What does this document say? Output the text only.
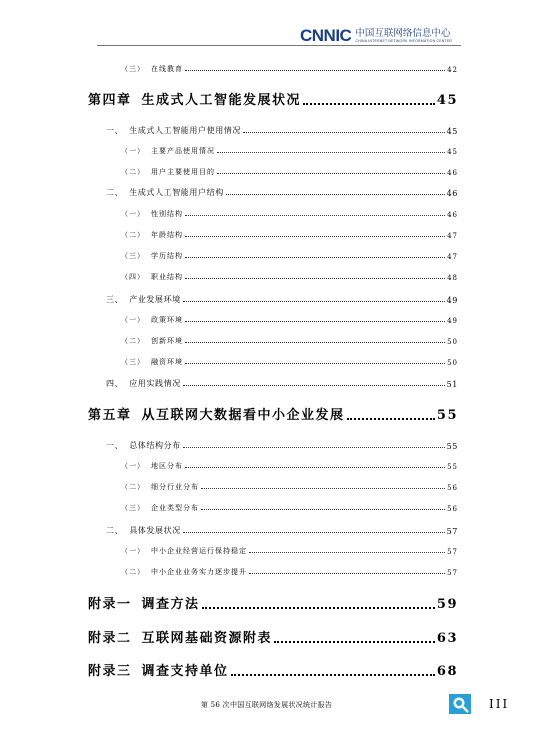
CNNIC 中国互联网络信息中心
CHINA INTERNET NETWORK INFORMATION CENTER
（三） 在线教育	42
第四章 生成式人工智能发展状况	45
一、 生成式人工智能用户使用情况	45
（一） 主要产品使用情况	45
（二） 用户主要使用目的	46
二、 生成式人工智能用户结构	46
（一） 性别结构	46
（二） 年龄结构	47
（三） 学历结构	47
（四） 职业结构	48
三、 产业发展环境	49
（一） 政策环境	49
（二） 创新环境	50
（三） 融资环境	50
四、 应用实践情况	51
第五章 从互联网大数据看中小企业发展	55
一、 总体结构分布	55
（一） 地区分布	55
（二） 细分行业分布	56
（三） 企业类型分布	56
二、 具体发展状况	57
（一） 中小企业经营运行保持稳定	57
（二） 中小企业业务实力逐步提升	57
附录一 调查方法	59
附录二 互联网基础资源附表	63
附录三 调查支持单位	68
第 56 次中国互联网络发展状况统计报告	III
